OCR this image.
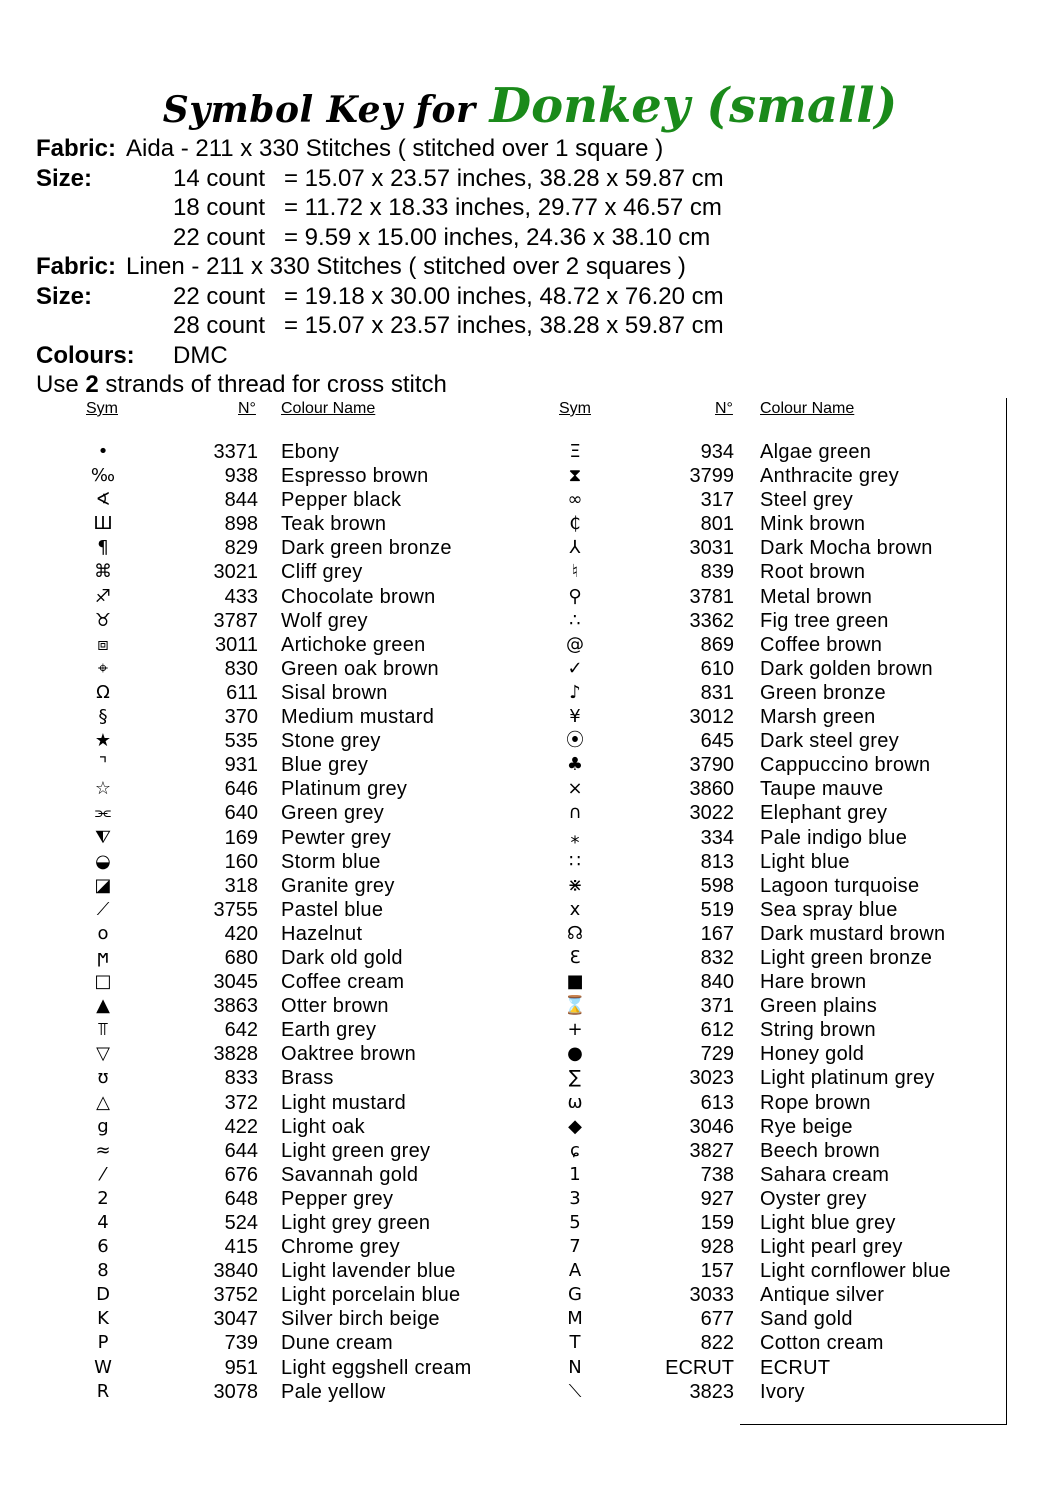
Symbol Key for Donkey (small)
Fabric: Aida - 211 x 330 Stitches ( stitched over 1 square )
Size:	14 count = 15.07 x 23.57 inches, 38.28 x 59.87 cm
18 count = 11.72 x 18.33 inches, 29.77 x 46.57 cm
22 count = 9.59 x 15.00 inches, 24.36 x 38.10 cm
Fabric: Linen - 211 x 330 Stitches ( stitched over 2 squares )
Size:	22 count = 19.18 x 30.00 inches, 48.72 x 76.20 cm
28 count = 15.07 x 23.57 inches, 38.28 x 59.87 cm
Colours: DMC
Use 2 strands of thread for cross stitch
Sym	N° Colour Name	Sym	N° Colour Name
•	3371 Ebony
‰	938 Espresso brown
∢	844 Pepper black
Ш	898 Teak brown
¶	829 Dark green bronze
⌘	3021 Cliff grey
♐	433 Chocolate brown
♉	3787 Wolf grey
⧈	3011 Artichoke green
⌖	830 Green oak brown
Ω	611 Sisal brown
§	370 Medium mustard
★	535 Stone grey
⌝	931 Blue grey
☆	646 Platinum grey
⫘	640 Green grey
⧨	169 Pewter grey
◒	160 Storm blue
◪	318 Granite grey
⟋	3755 Pastel blue
o	420 Hazelnut
ϻ	680 Dark old gold
□	3045 Coffee cream
▲	3863 Otter brown
⫪	642 Earth grey
▽	3828 Oaktree brown
ʊ	833 Brass
△	372 Light mustard
g	422 Light oak
≈	644 Light green grey
⁄	676 Savannah gold
2	648 Pepper grey
4	524 Light grey green
6	415 Chrome grey
8	3840 Light lavender blue
D	3752 Light porcelain blue
K	3047 Silver birch beige
P	739 Dune cream
W	951 Light eggshell cream
R	3078 Pale yellow
Ξ	934 Algae green
⧗	3799 Anthracite grey
∞	317 Steel grey
₵	801 Mink brown
⅄	3031 Dark Mocha brown
♮	839 Root brown
⚲	3781 Metal brown
∴	3362 Fig tree green
@	869 Coffee brown
✓	610 Dark golden brown
♪	831 Green bronze
¥	3012 Marsh green
⦿	645 Dark steel grey
♣	3790 Cappuccino brown
×	3860 Taupe mauve
∩	3022 Elephant grey
⁎	334 Pale indigo blue
∷	813 Light blue
⋇	598 Lagoon turquoise
x	519 Sea spray blue
☊	167 Dark mustard brown
Ɛ	832 Light green bronze
■	840 Hare brown
⌛	371 Green plains
+	612 String brown
●	729 Honey gold
∑	3023 Light platinum grey
ω	613 Rope brown
◆	3046 Rye beige
ɕ	3827 Beech brown
1	738 Sahara cream
3	927 Oyster grey
5	159 Light blue grey
7	928 Light pearl grey
A	157 Light cornflower blue
G	3033 Antique silver
M	677 Sand gold
T	822 Cotton cream
N	ECRUT ECRUT
⟍	3823 Ivory
